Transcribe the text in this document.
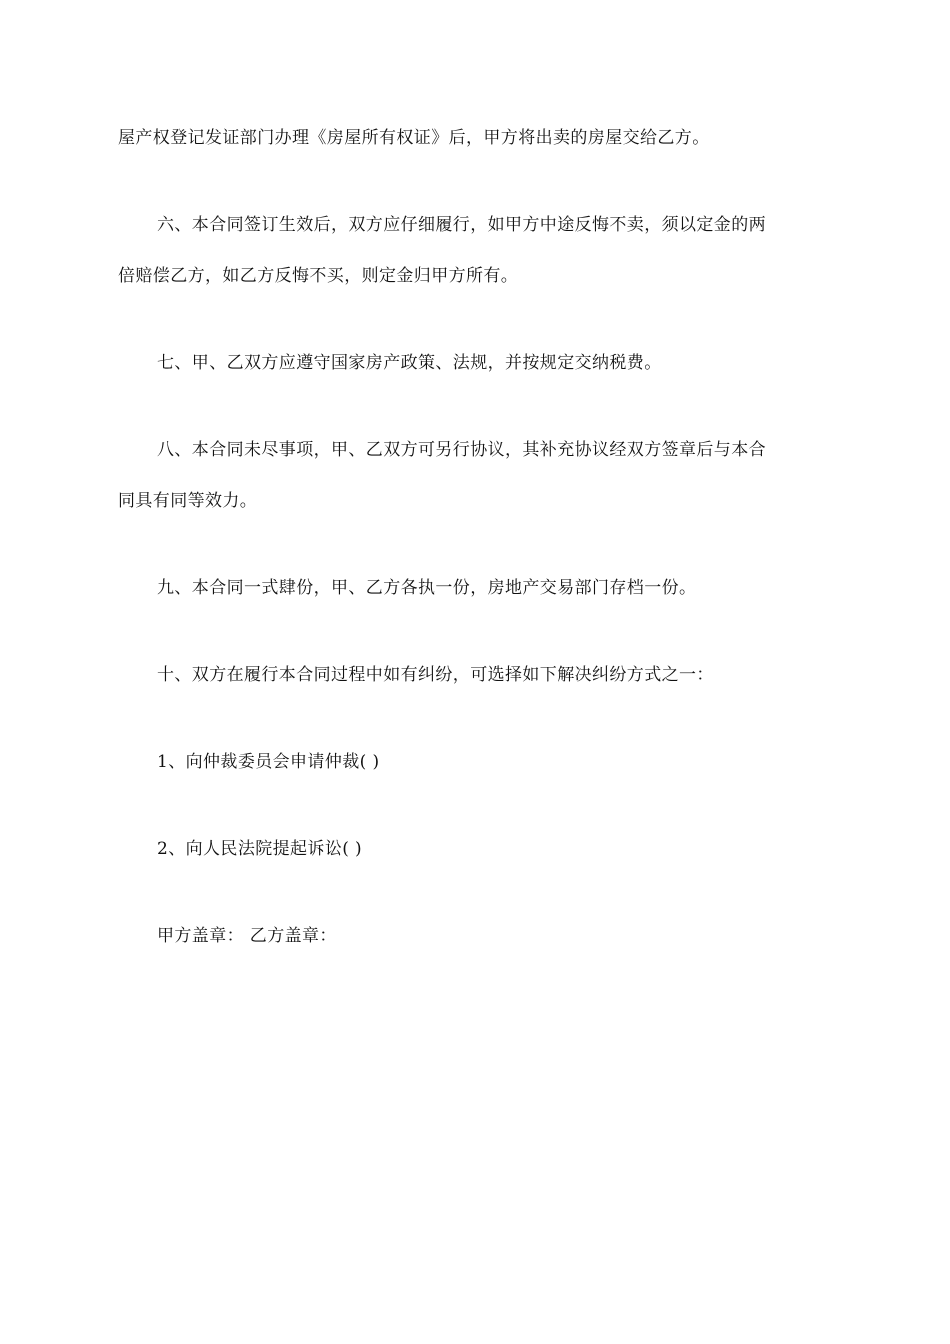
屋产权登记发证部门办理《房屋所有权证》后，甲方将出卖的房屋交给乙方。
六、本合同签订生效后，双方应仔细履行，如甲方中途反悔不卖，须以定金的两
倍赔偿乙方，如乙方反悔不买，则定金归甲方所有。
七、甲、乙双方应遵守国家房产政策、法规，并按规定交纳税费。
八、本合同未尽事项，甲、乙双方可另行协议，其补充协议经双方签章后与本合
同具有同等效力。
九、本合同一式肆份，甲、乙方各执一份，房地产交易部门存档一份。
十、双方在履行本合同过程中如有纠纷，可选择如下解决纠纷方式之一：
1、向仲裁委员会申请仲裁( )
2、向人民法院提起诉讼( )
甲方盖章： 乙方盖章：
